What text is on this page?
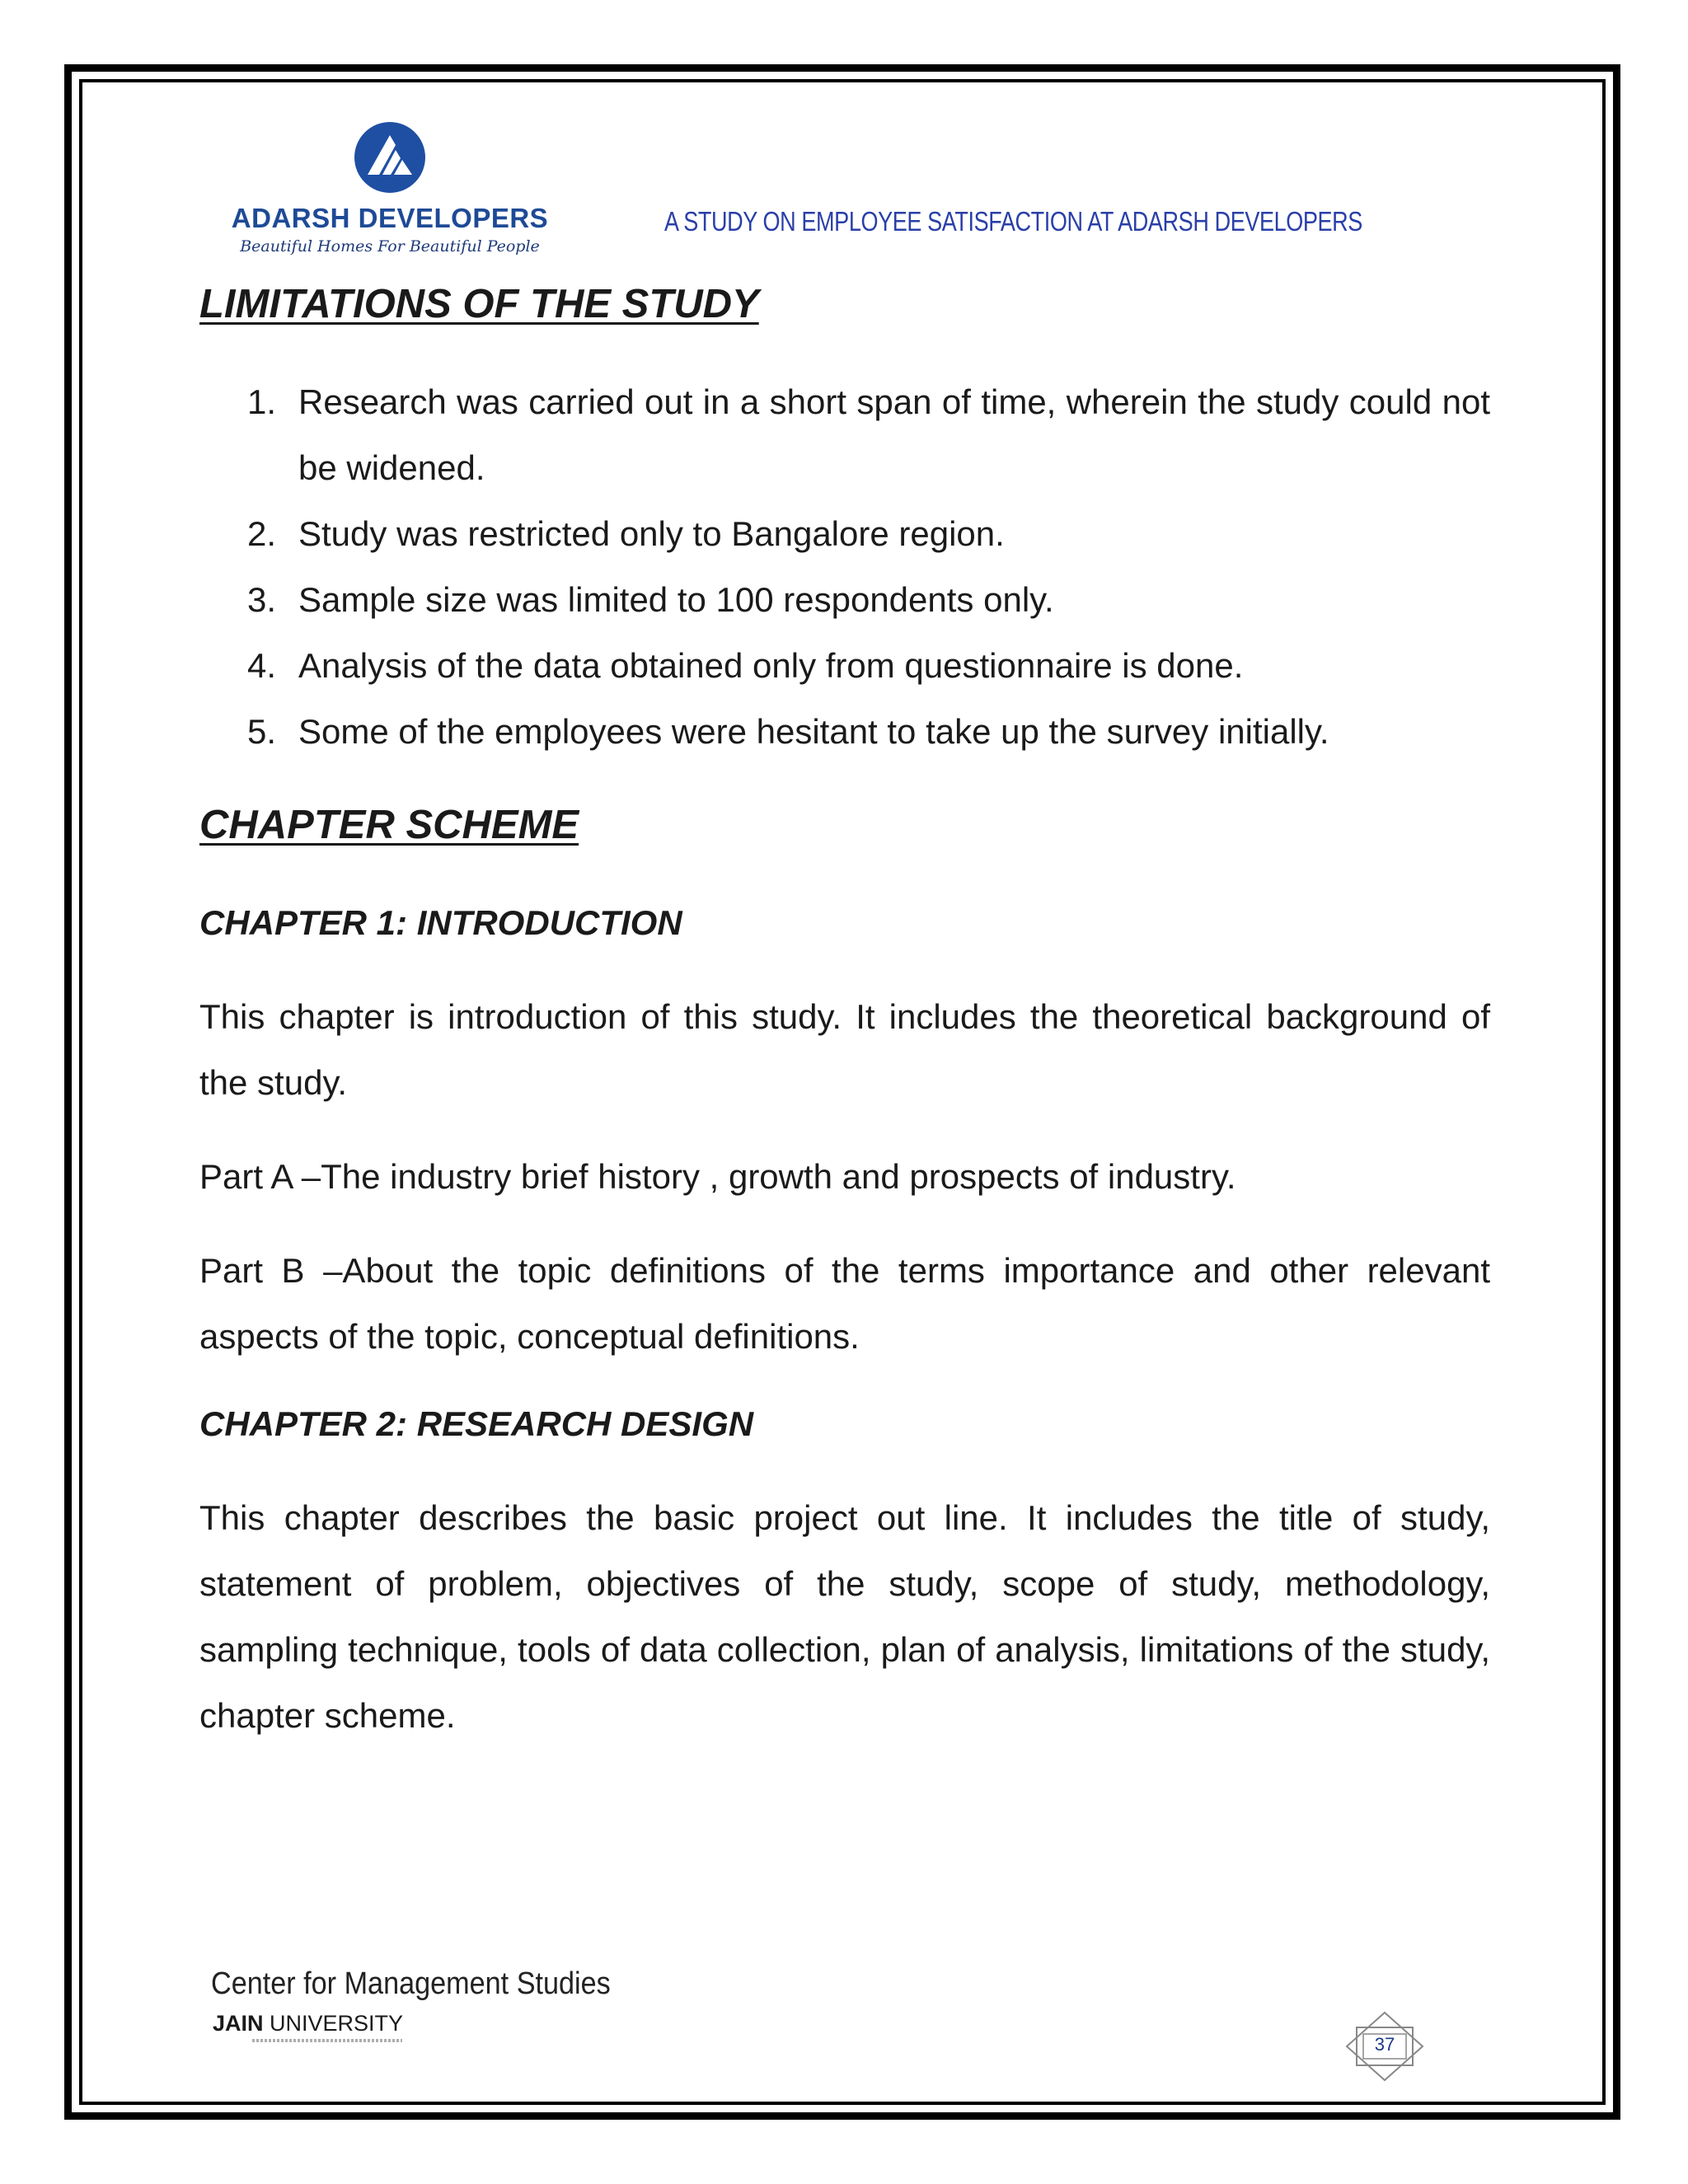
ADARSH DEVELOPERS
Beautiful Homes For Beautiful People
A STUDY ON EMPLOYEE SATISFACTION AT ADARSH DEVELOPERS
LIMITATIONS OF THE STUDY
1. Research was carried out in a short span of time, wherein the study could not be widened.
2. Study was restricted only to Bangalore region.
3. Sample size was limited to 100 respondents only.
4. Analysis of the data obtained only from questionnaire is done.
5. Some of the employees were hesitant to take up the survey initially.
CHAPTER SCHEME
CHAPTER 1: INTRODUCTION

This chapter is introduction of this study. It includes the theoretical background of the study.

Part A –The industry brief history , growth and prospects of industry.

Part B –About the topic definitions of the terms importance and other relevant aspects of the topic, conceptual definitions.

CHAPTER 2: RESEARCH DESIGN

This chapter describes the basic project out line. It includes the title of study, statement of problem, objectives of the study, scope of study, methodology, sampling technique, tools of data collection, plan of analysis, limitations of the study, chapter scheme.

Center for Management Studies
JAIN UNIVERSITY
37
